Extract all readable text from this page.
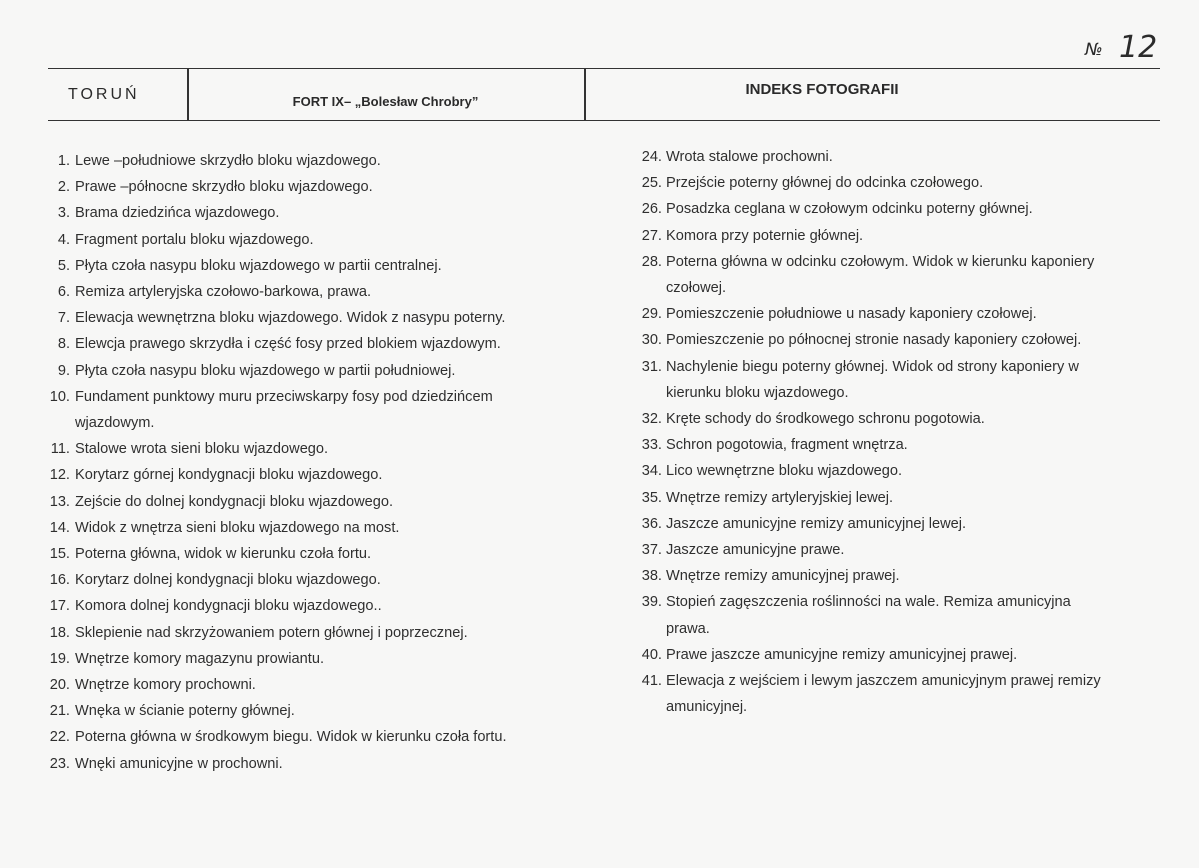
№ 12
TORUŃ	FORT IX– „Bolesław Chrobry”
INDEKS FOTOGRAFII
1. Lewe –południowe skrzydło bloku wjazdowego.
2. Prawe –północne skrzydło bloku wjazdowego.
3. Brama dziedzińca wjazdowego.
4. Fragment portalu bloku wjazdowego.
5. Płyta czoła nasypu bloku wjazdowego w partii centralnej.
6. Remiza artyleryjska czołowo-barkowa, prawa.
7. Elewacja wewnętrzna bloku wjazdowego. Widok z nasypu poterny.
8. Elewcja prawego skrzydła i część fosy przed blokiem wjazdowym.
9. Płyta czoła nasypu bloku wjazdowego w partii południowej.
10. Fundament punktowy muru przeciwskarpy fosy pod dziedzińcem
wjazdowym.
11. Stalowe wrota sieni bloku wjazdowego.
12. Korytarz górnej kondygnacji bloku wjazdowego.
13. Zejście do dolnej kondygnacji bloku wjazdowego.
14. Widok z wnętrza sieni bloku wjazdowego na most.
15. Poterna główna, widok w kierunku czoła fortu.
16. Korytarz dolnej kondygnacji bloku wjazdowego.
17. Komora dolnej kondygnacji bloku wjazdowego..
18. Sklepienie nad skrzyżowaniem potern głównej i poprzecznej.
19. Wnętrze komory magazynu prowiantu.
20. Wnętrze komory prochowni.
21. Wnęka w ścianie poterny głównej.
22. Poterna główna w środkowym biegu. Widok w kierunku czoła fortu.
23. Wnęki amunicyjne w prochowni.
24. Wrota stalowe prochowni.
25. Przejście poterny głównej do odcinka czołowego.
26. Posadzka ceglana w czołowym odcinku poterny głównej.
27. Komora przy poternie głównej.
28. Poterna główna w odcinku czołowym. Widok w kierunku kaponiery
czołowej.
29. Pomieszczenie południowe u nasady kaponiery czołowej.
30. Pomieszczenie po północnej stronie nasady kaponiery czołowej.
31. Nachylenie biegu poterny głównej. Widok od strony kaponiery w
kierunku bloku wjazdowego.
32. Kręte schody do środkowego schronu pogotowia.
33. Schron pogotowia, fragment wnętrza.
34. Lico wewnętrzne bloku wjazdowego.
35. Wnętrze remizy artyleryjskiej lewej.
36. Jaszcze amunicyjne remizy amunicyjnej lewej.
37. Jaszcze amunicyjne prawe.
38. Wnętrze remizy amunicyjnej prawej.
39. Stopień zagęszczenia roślinności na wale. Remiza amunicyjna
prawa.
40. Prawe jaszcze amunicyjne remizy amunicyjnej prawej.
41. Elewacja z wejściem i lewym jaszczem amunicyjnym prawej remizy
amunicyjnej.
